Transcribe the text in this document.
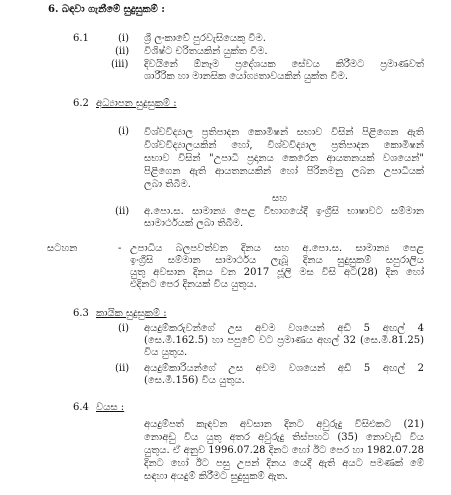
6. බඳවා ගැනීමේ සුදුසුකම් :
6.1	(i) ශ්‍රී ලංකාවේ පුරවැසියෙකු වීම.
(ii) විශිෂ්ට චරිතයකින් යුක්ත වීම.
(iii) දිවයිනේ ඕනෑම ප්‍රදේශයක සේවය කිරීමට ප්‍රමාණවත්
ශාරීරික හා මානසික යෝග්‍යතාවයකින් යුක්ත වීම.
6.2 අධ්‍යාපන සුදුසුකම් :
(i) විශ්වවිද්‍යාල ප්‍රතිපාදන කොමිෂන් සභාව විසින් පිළිගෙන ඇති
විශ්වවිද්‍යාලයකින් හෝ, විශ්වවිද්‍යාල ප්‍රතිපාදන කොමිෂන්
සභාව විසින් "උපාධි ප්‍රදානය කෙරෙන ආයතනයක් වශයෙන්"
පිළිගෙන ඇති ආයතනයකින් හෝ පිරිනමනු ලබන උපාධියක්
ලබා තිබීම.
සහ
(ii) අ.පො.ස. සාමාන්‍ය පෙළ විභාගයේදී ඉංග්‍රීසි භාෂාවට සම්මාන
සාමාර්ථයක් ලබා තිබීම.
සටහන	- උපාධිය බලපවත්වන දිනය සහ අ.පො.ස. සාමාන්‍ය පෙළ
ඉංග්‍රීසි සම්මාන සාමාර්ථය ලැබූ දිනය සුදුසුකම් සපුරාලිය
යුතු අවසාන දිනය වන 2017 ජූලි මස විසි අට(28) දින හෝ
එදිනට පෙර දිනයක් විය යුතුය.
6.3 කායික සුදුසුකම් :
(i) අයදුම්කරුවන්ගේ උස අවම වශයෙන් අඩි 5 අඟල් 4
(සෙ.මී.162.5) හා පපුවේ වට ප්‍රමාණය අඟල් 32 (සෙ.මී.81.25)
විය යුතුය.
(ii) අයදුම්කාරියන්ගේ උස අවම වශයෙන් අඩි 5 අඟල් 2
(සෙ.මී.156) විය යුතුය.
6.4 වයස :
අයදුම්පත් කැඳවන අවසාන දිනට අවුරුදු විසිඑකට (21)
නොඅඩු විය යුතු අතර අවුරුදු තිස්පහට (35) නොවැඩි විය
යුතුය. ඒ අනුව 1996.07.28 දිනට හෝ ඊට පෙර හා 1982.07.28
දිනට හෝ ඊට පසු උපන් දිනය යෙදී ඇති අයට පමණක් මේ
සඳහා අයදුම් කිරීමට සුදුසුකම් ඇත.
